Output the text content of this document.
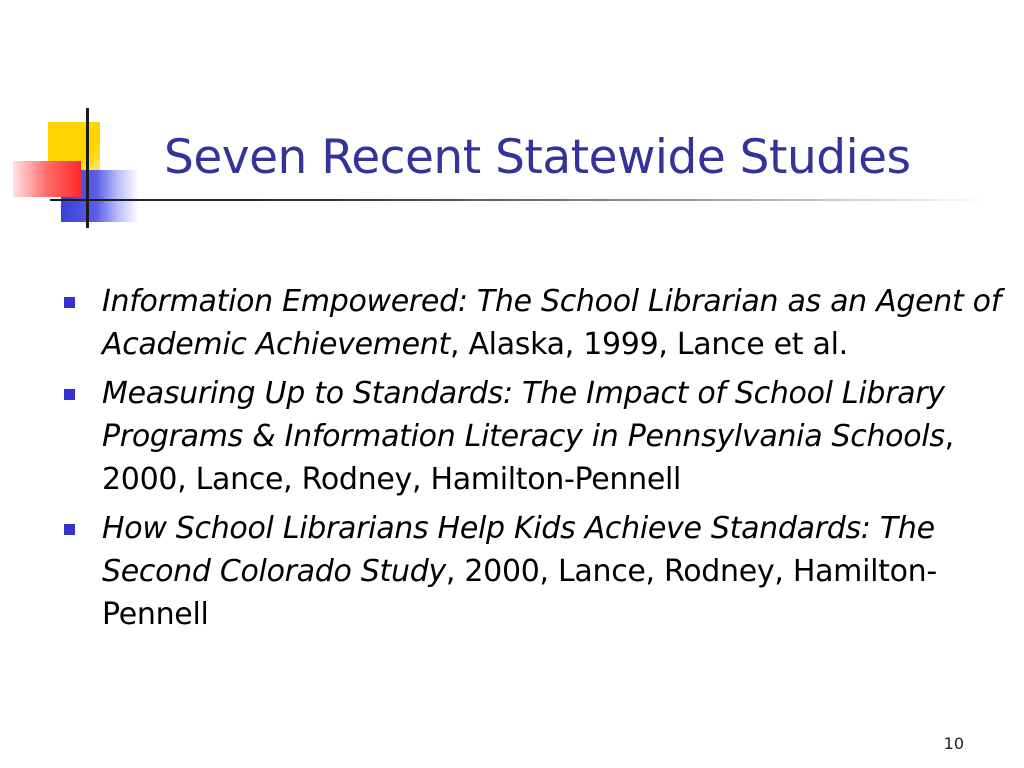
Seven Recent Statewide Studies
Information Empowered: The School Librarian as an Agent of Academic Achievement, Alaska, 1999, Lance et al.
Measuring Up to Standards: The Impact of School Library Programs & Information Literacy in Pennsylvania Schools, 2000, Lance, Rodney, Hamilton-Pennell
How School Librarians Help Kids Achieve Standards: The Second Colorado Study, 2000, Lance, Rodney, Hamilton-Pennell
10
